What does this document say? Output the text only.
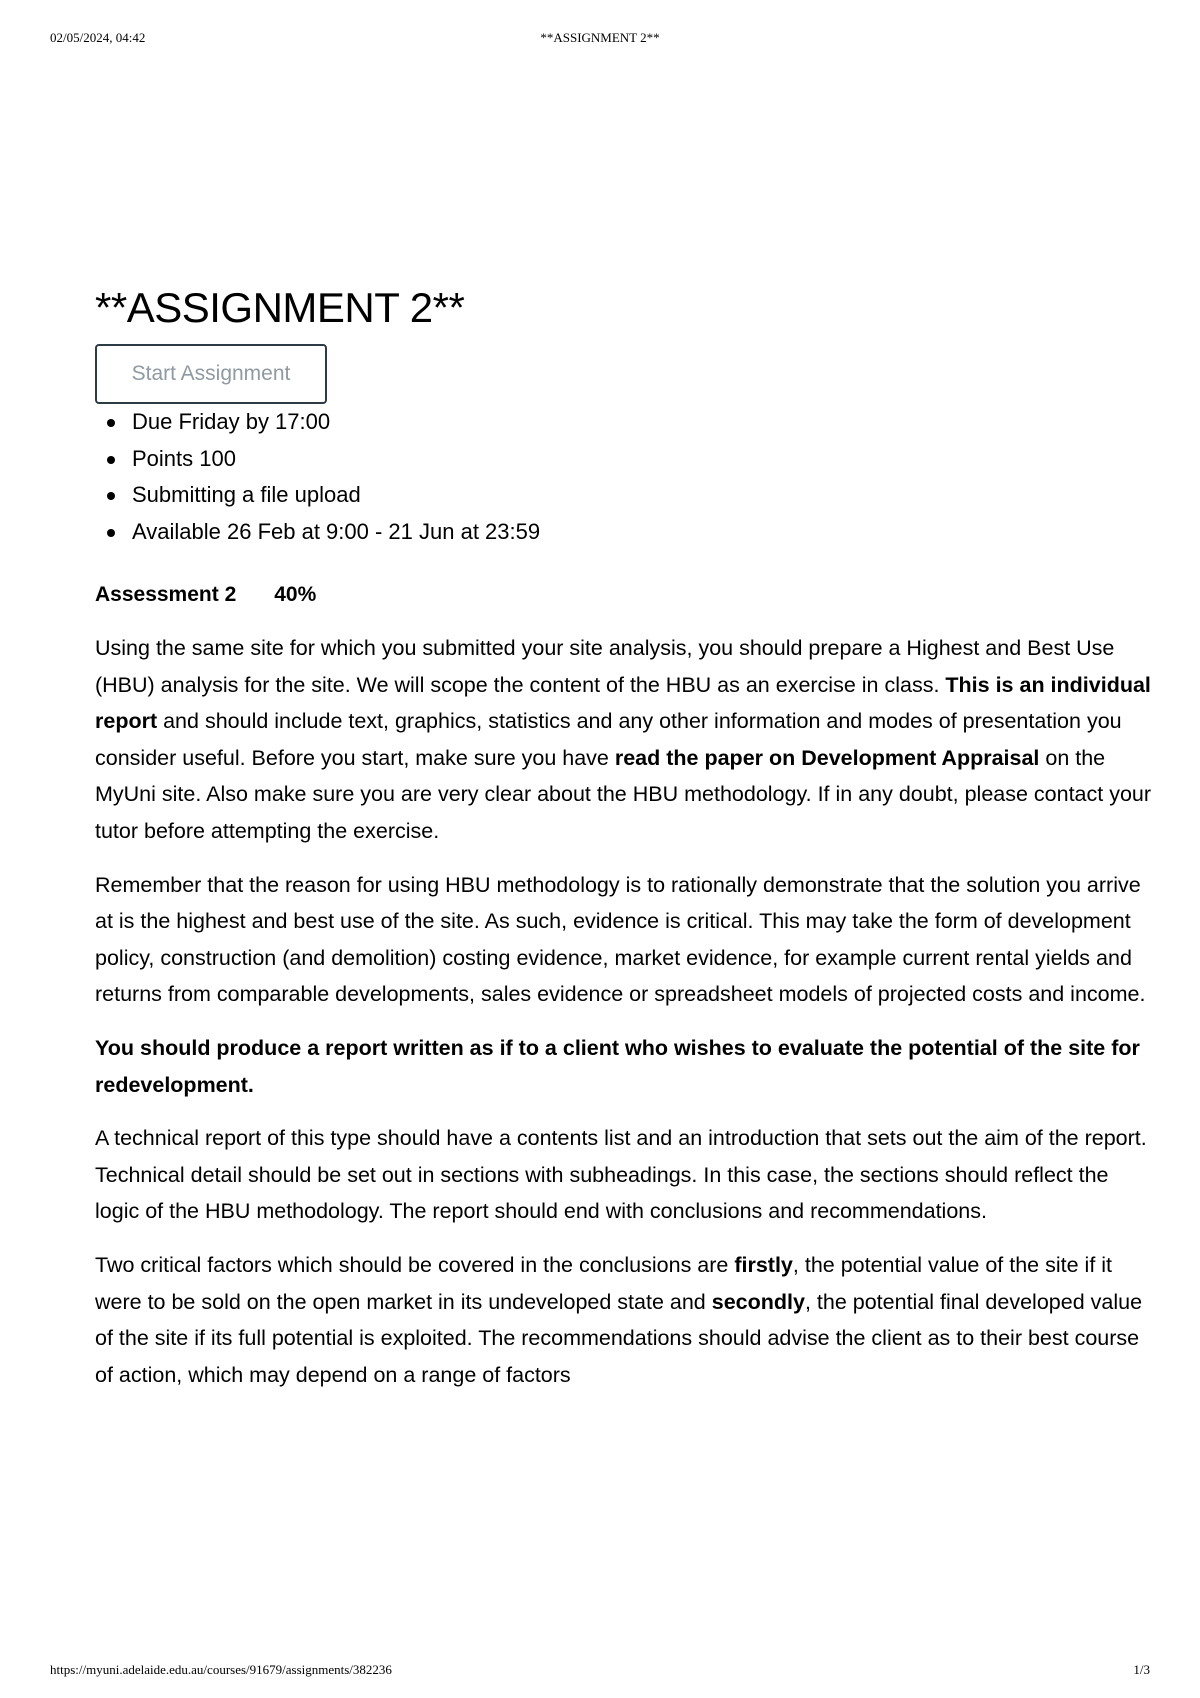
02/05/2024, 04:42	**ASSIGNMENT 2**
**ASSIGNMENT 2**
Start Assignment
Due Friday by 17:00
Points 100
Submitting a file upload
Available 26 Feb at 9:00 - 21 Jun at 23:59
Assessment 2 40%

Using the same site for which you submitted your site analysis, you should prepare a Highest and Best Use (HBU) analysis for the site. We will scope the content of the HBU as an exercise in class. This is an individual report and should include text, graphics, statistics and any other information and modes of presentation you consider useful. Before you start, make sure you have read the paper on Development Appraisal on the MyUni site. Also make sure you are very clear about the HBU methodology. If in any doubt, please contact your tutor before attempting the exercise.

Remember that the reason for using HBU methodology is to rationally demonstrate that the solution you arrive at is the highest and best use of the site. As such, evidence is critical. This may take the form of development policy, construction (and demolition) costing evidence, market evidence, for example current rental yields and returns from comparable developments, sales evidence or spreadsheet models of projected costs and income.

You should produce a report written as if to a client who wishes to evaluate the potential of the site for redevelopment.

A technical report of this type should have a contents list and an introduction that sets out the aim of the report. Technical detail should be set out in sections with subheadings. In this case, the sections should reflect the logic of the HBU methodology. The report should end with conclusions and recommendations.

Two critical factors which should be covered in the conclusions are firstly, the potential value of the site if it were to be sold on the open market in its undeveloped state and secondly, the potential final developed value of the site if its full potential is exploited. The recommendations should advise the client as to their best course of action, which may depend on a range of factors

https://myuni.adelaide.edu.au/courses/91679/assignments/382236	1/3
